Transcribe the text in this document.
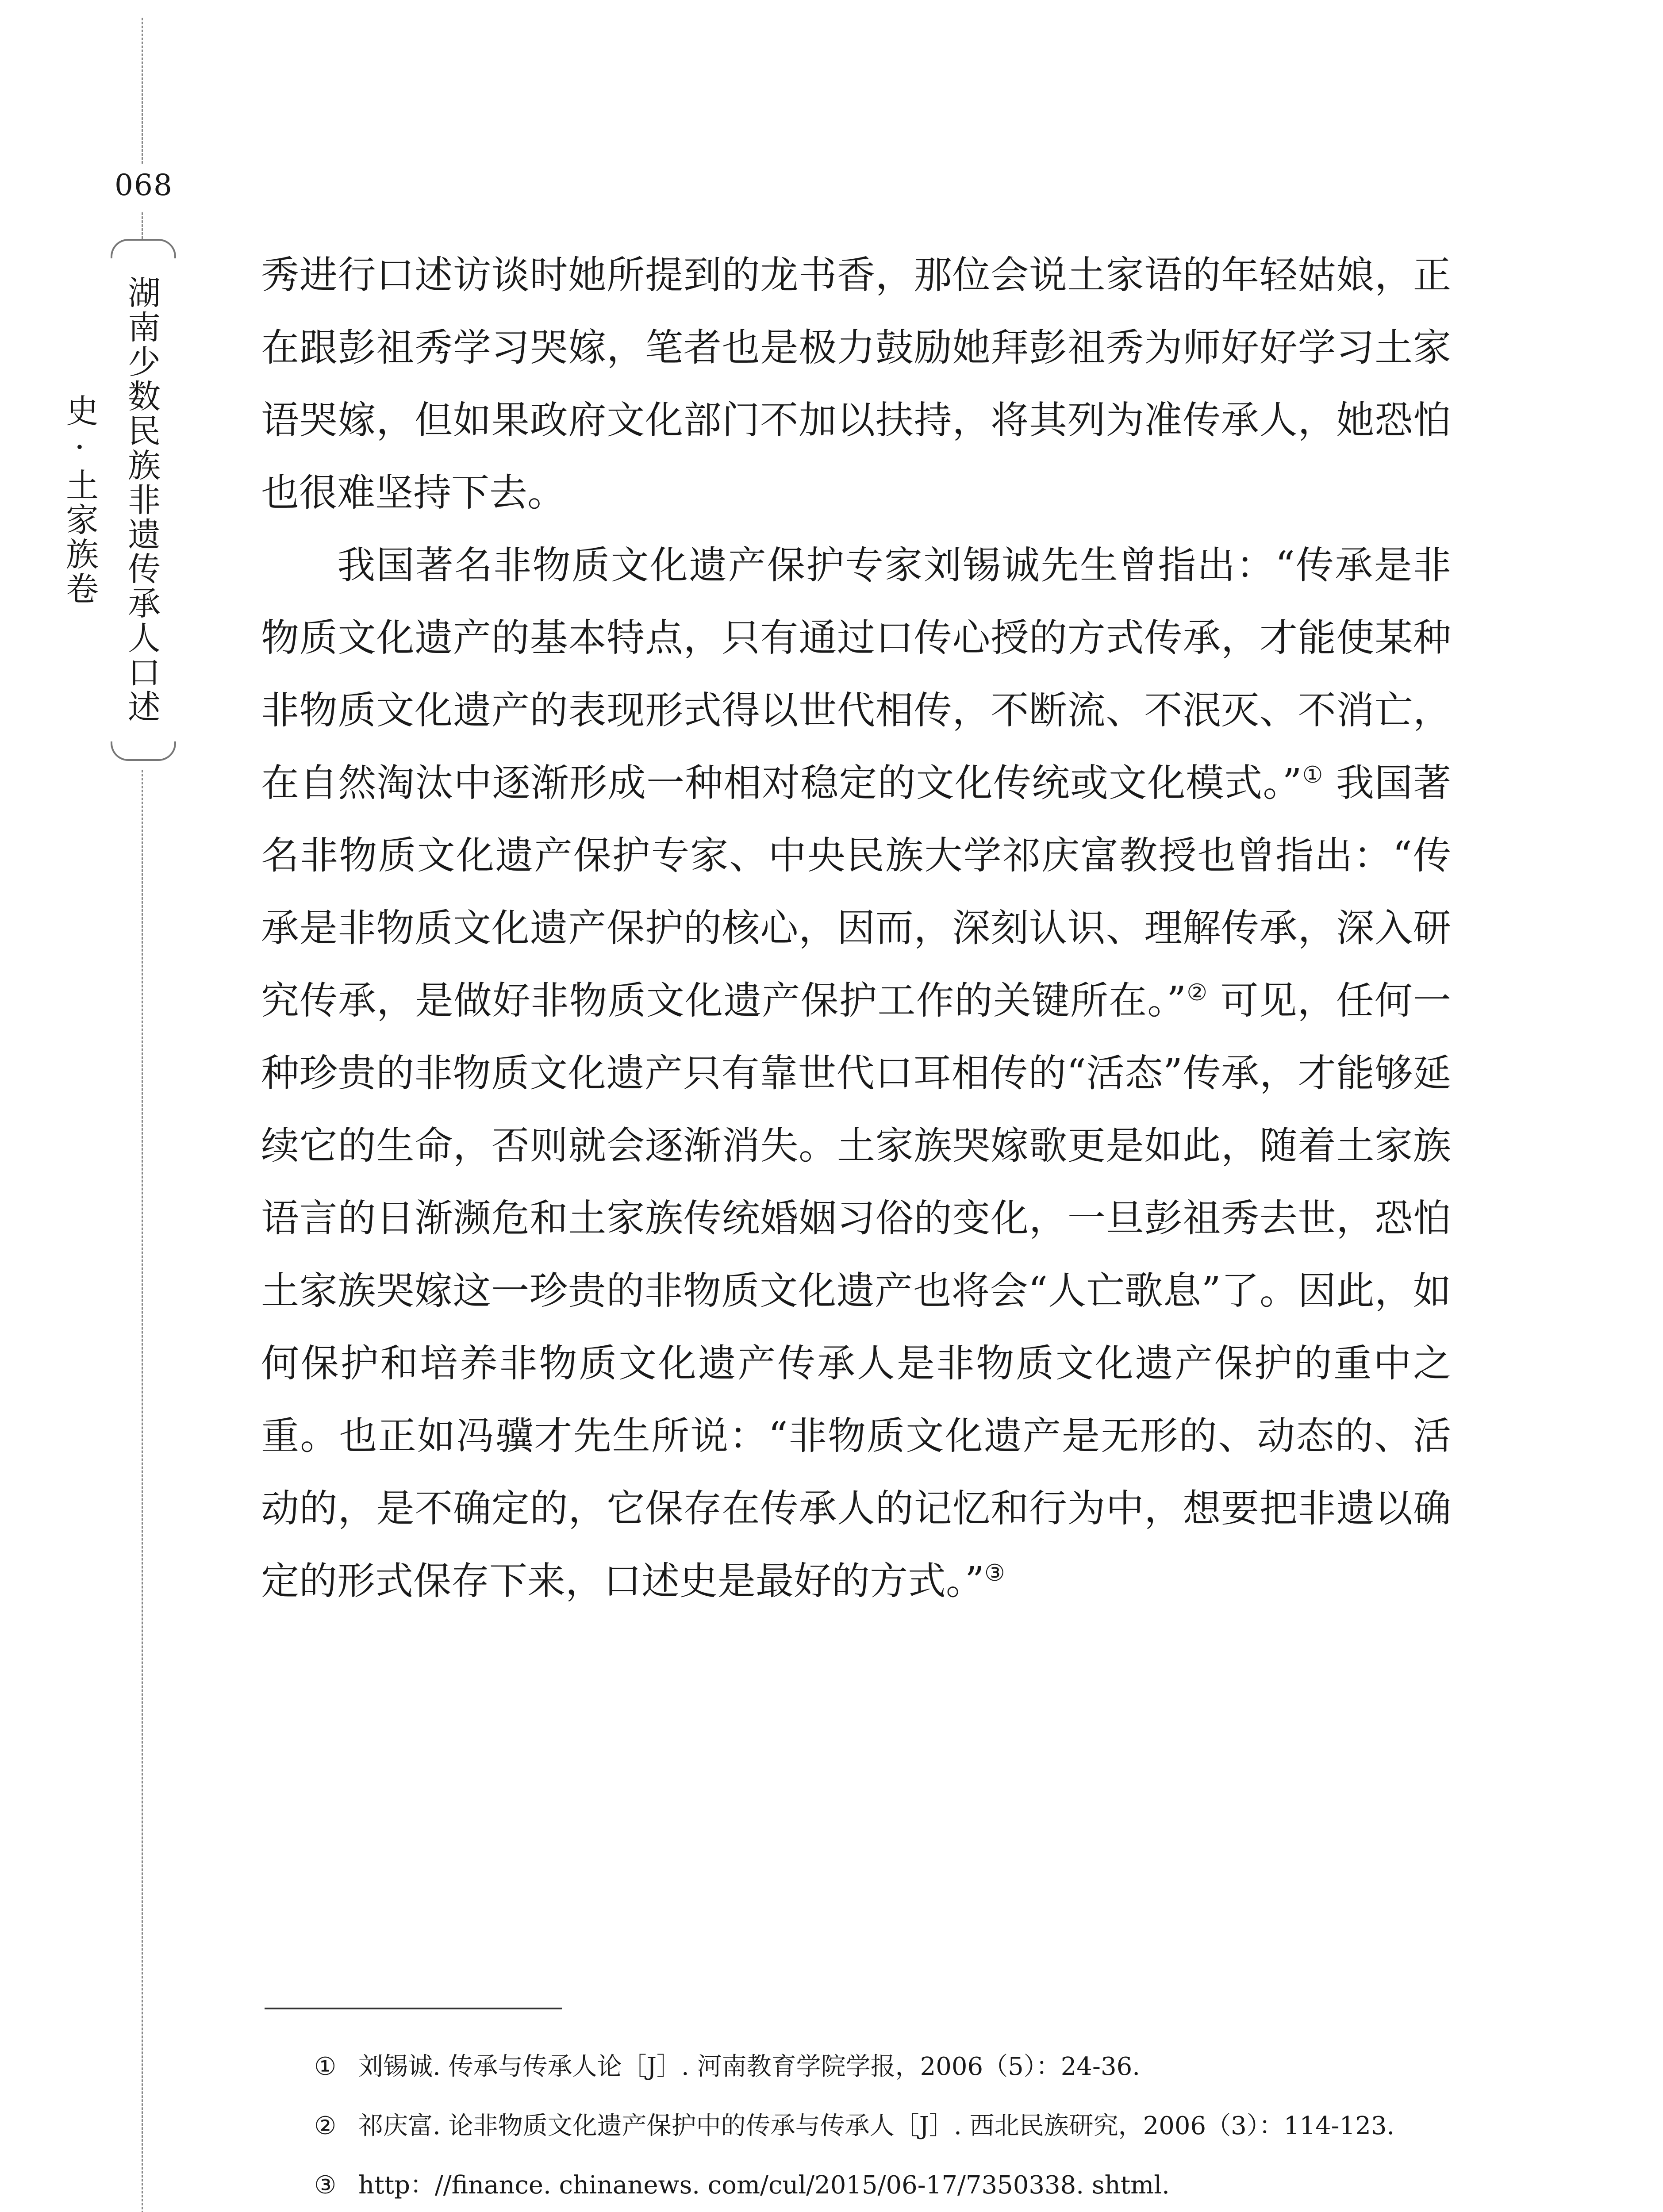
068
湖南少数民族非遗传承人口述史·土家族卷

秀进行口述访谈时她所提到的龙书香，那位会说土家语的年轻姑娘，正在跟彭祖秀学习哭嫁，笔者也是极力鼓励她拜彭祖秀为师好好学习土家语哭嫁，但如果政府文化部门不加以扶持，将其列为准传承人，她恐怕也很难坚持下去。

我国著名非物质文化遗产保护专家刘锡诚先生曾指出：“传承是非物质文化遗产的基本特点，只有通过口传心授的方式传承，才能使某种非物质文化遗产的表现形式得以世代相传，不断流、不泯灭、不消亡，在自然淘汰中逐渐形成一种相对稳定的文化传统或文化模式。”① 我国著名非物质文化遗产保护专家、中央民族大学祁庆富教授也曾指出：“传承是非物质文化遗产保护的核心，因而，深刻认识、理解传承，深入研究传承，是做好非物质文化遗产保护工作的关键所在。”② 可见，任何一种珍贵的非物质文化遗产只有靠世代口耳相传的“活态”传承，才能够延续它的生命，否则就会逐渐消失。土家族哭嫁歌更是如此，随着土家族语言的日渐濒危和土家族传统婚姻习俗的变化，一旦彭祖秀去世，恐怕土家族哭嫁这一珍贵的非物质文化遗产也将会“人亡歌息”了。因此，如何保护和培养非物质文化遗产传承人是非物质文化遗产保护的重中之重。也正如冯骥才先生所说：“非物质文化遗产是无形的、动态的、活动的，是不确定的，它保存在传承人的记忆和行为中，想要把非遗以确定的形式保存下来，口述史是最好的方式。”③

① 刘锡诚. 传承与传承人论［J］. 河南教育学院学报，2006（5）：24-36.

② 祁庆富. 论非物质文化遗产保护中的传承与传承人［J］. 西北民族研究，2006（3）：114-123.

③ http：//finance. chinanews. com/cul/2015/06-17/7350338. shtml.
